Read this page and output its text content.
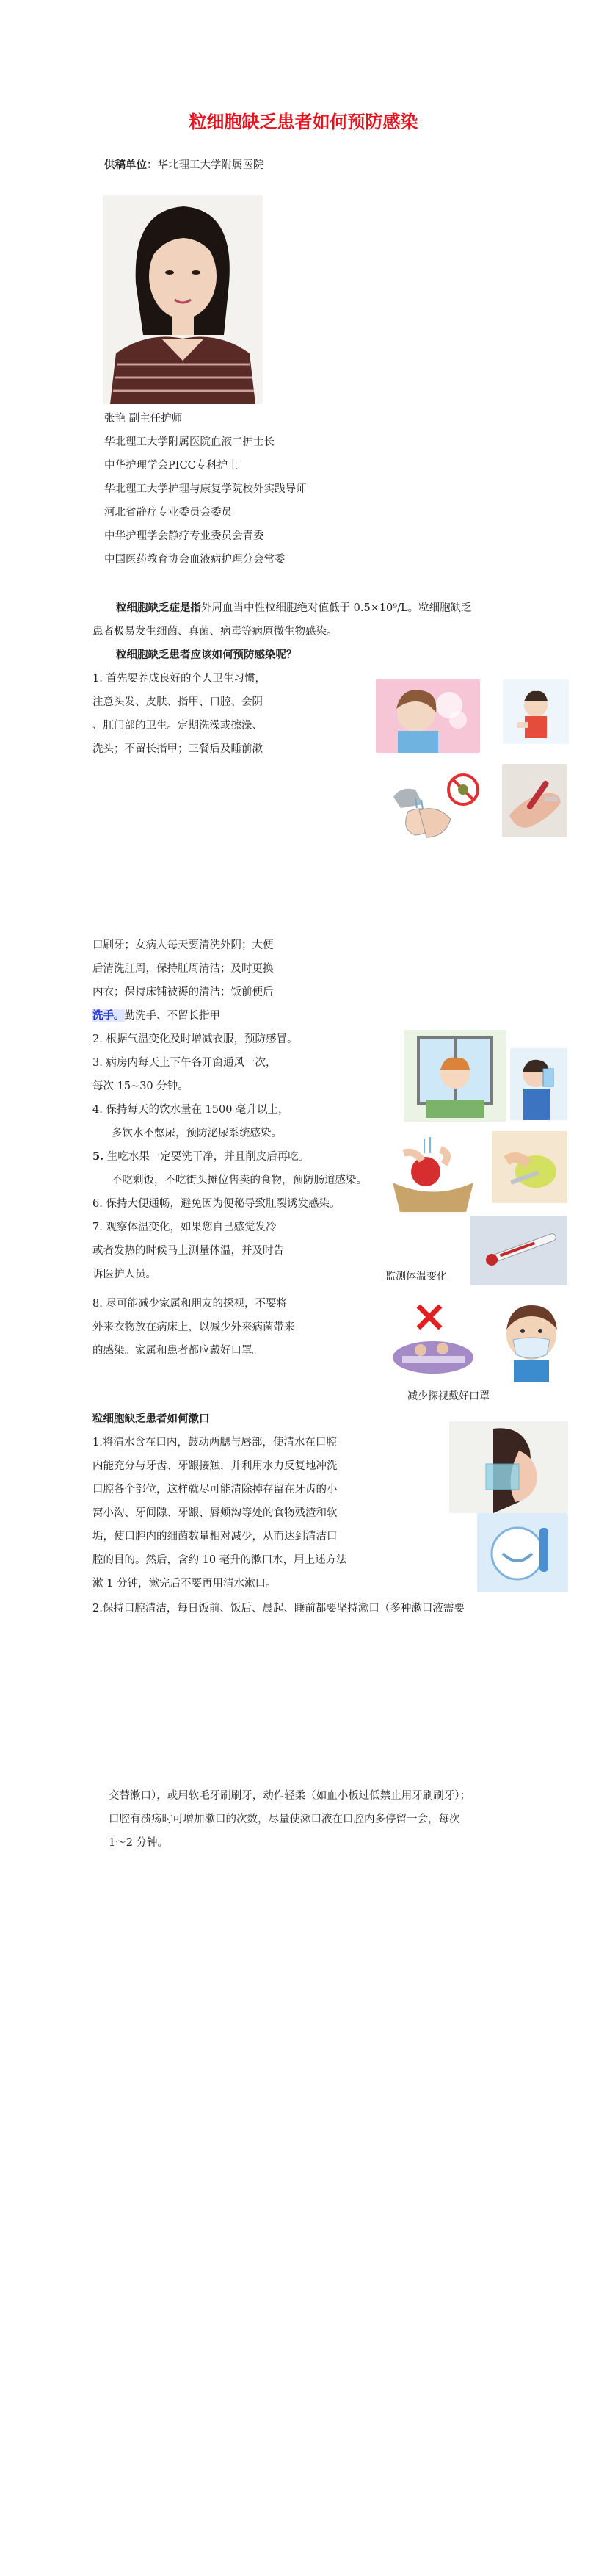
粒细胞缺乏患者如何预防感染
供稿单位：华北理工大学附属医院
张艳 副主任护师
华北理工大学附属医院血液二护士长
中华护理学会PICC专科护士
华北理工大学护理与康复学院校外实践导师
河北省静疗专业委员会委员
中华护理学会静疗专业委员会青委
中国医药教育协会血液病护理分会常委
粒细胞缺乏症是指外周血当中性粒细胞绝对值低于 0.5×10⁹/L。粒细胞缺乏
患者极易发生细菌、真菌、病毒等病原微生物感染。
粒细胞缺乏患者应该如何预防感染呢？
1. 首先要养成良好的个人卫生习惯，
注意头发、皮肤、指甲、口腔、会阴
、肛门部的卫生。定期洗澡或擦澡、
洗头；不留长指甲；三餐后及睡前漱
口刷牙；女病人每天要清洗外阴；大便
后清洗肛周，保持肛周清洁；及时更换
内衣；保持床铺被褥的清洁；饭前便后
洗手。勤洗手、不留长指甲
2. 根据气温变化及时增减衣服，预防感冒。
3. 病房内每天上下午各开窗通风一次，
每次 15~30 分钟。
4. 保持每天的饮水量在 1500 毫升以上，
多饮水不憋尿，预防泌尿系统感染。
5. 生吃水果一定要洗干净，并且削皮后再吃。
不吃剩饭，不吃街头摊位售卖的食物，预防肠道感染。
6. 保持大便通畅，避免因为便秘导致肛裂诱发感染。
7. 观察体温变化，如果您自己感觉发冷
或者发热的时候马上测量体温，并及时告
诉医护人员。	监测体温变化
8. 尽可能减少家属和朋友的探视，不要将
外来衣物放在病床上，以减少外来病菌带来
的感染。家属和患者都应戴好口罩。
减少探视戴好口罩
粒细胞缺乏患者如何漱口
1.将清水含在口内，鼓动两腮与唇部，使清水在口腔
内能充分与牙齿、牙龈接触，并利用水力反复地冲洗
口腔各个部位，这样就尽可能清除掉存留在牙齿的小
窝小沟、牙间隙、牙龈、唇颊沟等处的食物残渣和软
垢，使口腔内的细菌数量相对减少，从而达到清洁口
腔的目的。然后，含约 10 毫升的漱口水，用上述方法
漱 1 分钟，漱完后不要再用清水漱口。
2.保持口腔清洁，每日饭前、饭后、晨起、睡前都要坚持漱口（多种漱口液需要
交替漱口），或用软毛牙刷刷牙，动作轻柔（如血小板过低禁止用牙刷刷牙）；
口腔有溃疡时可增加漱口的次数，尽量使漱口液在口腔内多停留一会，每次
1～2 分钟。
